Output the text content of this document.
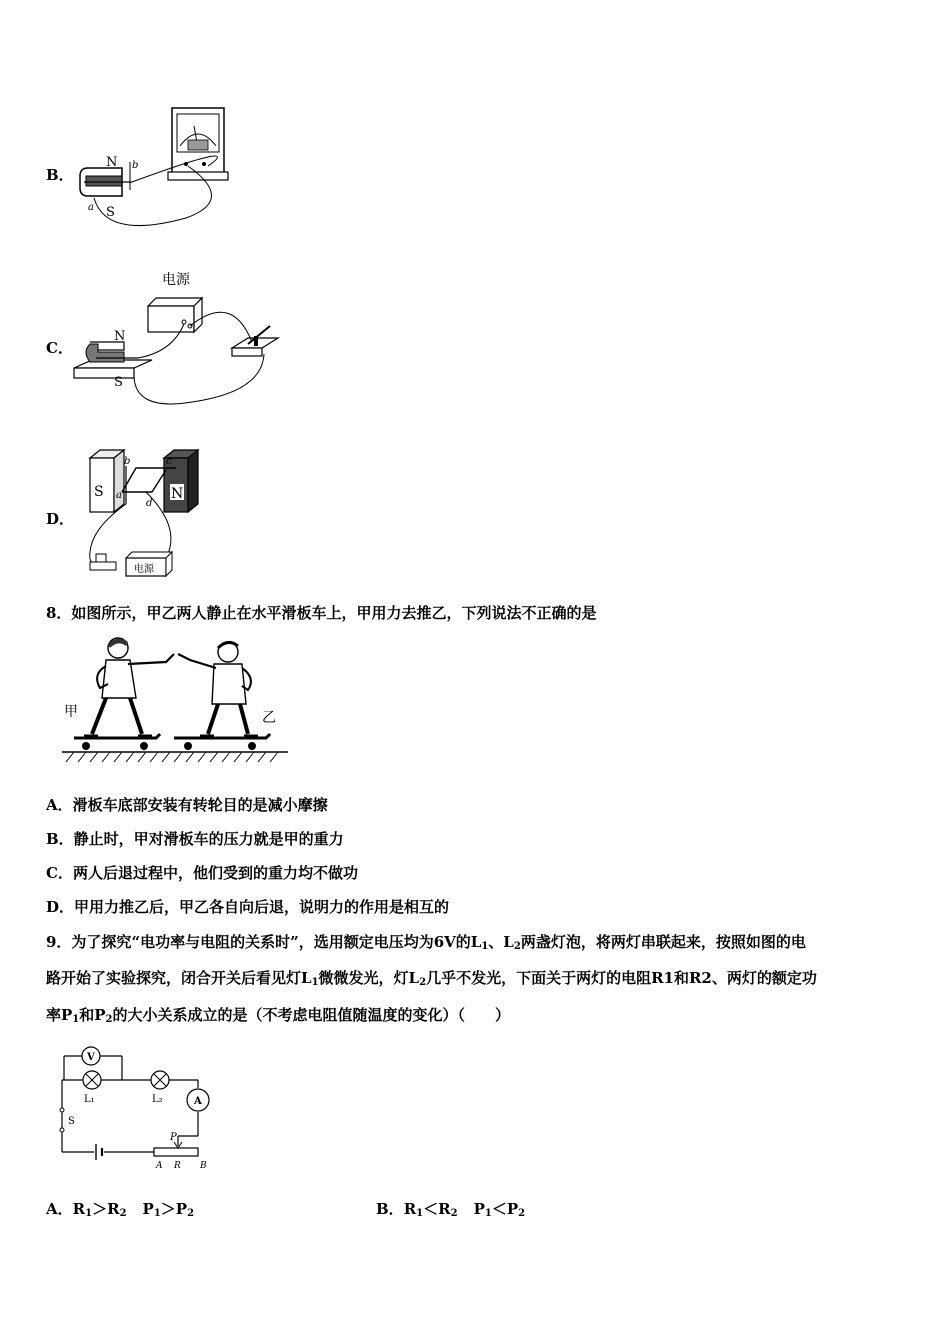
B．
N
S
a
b
C．
电源
N
S
D．
S	N
b	c
a
d
电源
8．如图所示，甲乙两人静止在水平滑板车上，甲用力去推乙，下列说法不正确的是
甲	乙
A．滑板车底部安装有转轮目的是减小摩擦
B．静止时，甲对滑板车的压力就是甲的重力
C．两人后退过程中，他们受到的重力均不做功
D．甲用力推乙后，甲乙各自向后退，说明力的作用是相互的
9．为了探究“电功率与电阻的关系时”，选用额定电压均为6V的$L_1$、$L_2$两盏灯泡，将两灯串联起来，按照如图的电
路开始了实验探究，闭合开关后看见灯$L_1$微微发光，灯$L_2$几乎不发光，下面关于两灯的电阻R1和R2、两灯的额定功
率$P_1$和$P_2$的大小关系成立的是（不考虑电阻值随温度的变化）（　　）
V
L₁	L₂	A
S
P
A R B
A．$R_1>R_2$ $P_1>P_2$	B．$R_1<R_2$ $P_1<P_2$
